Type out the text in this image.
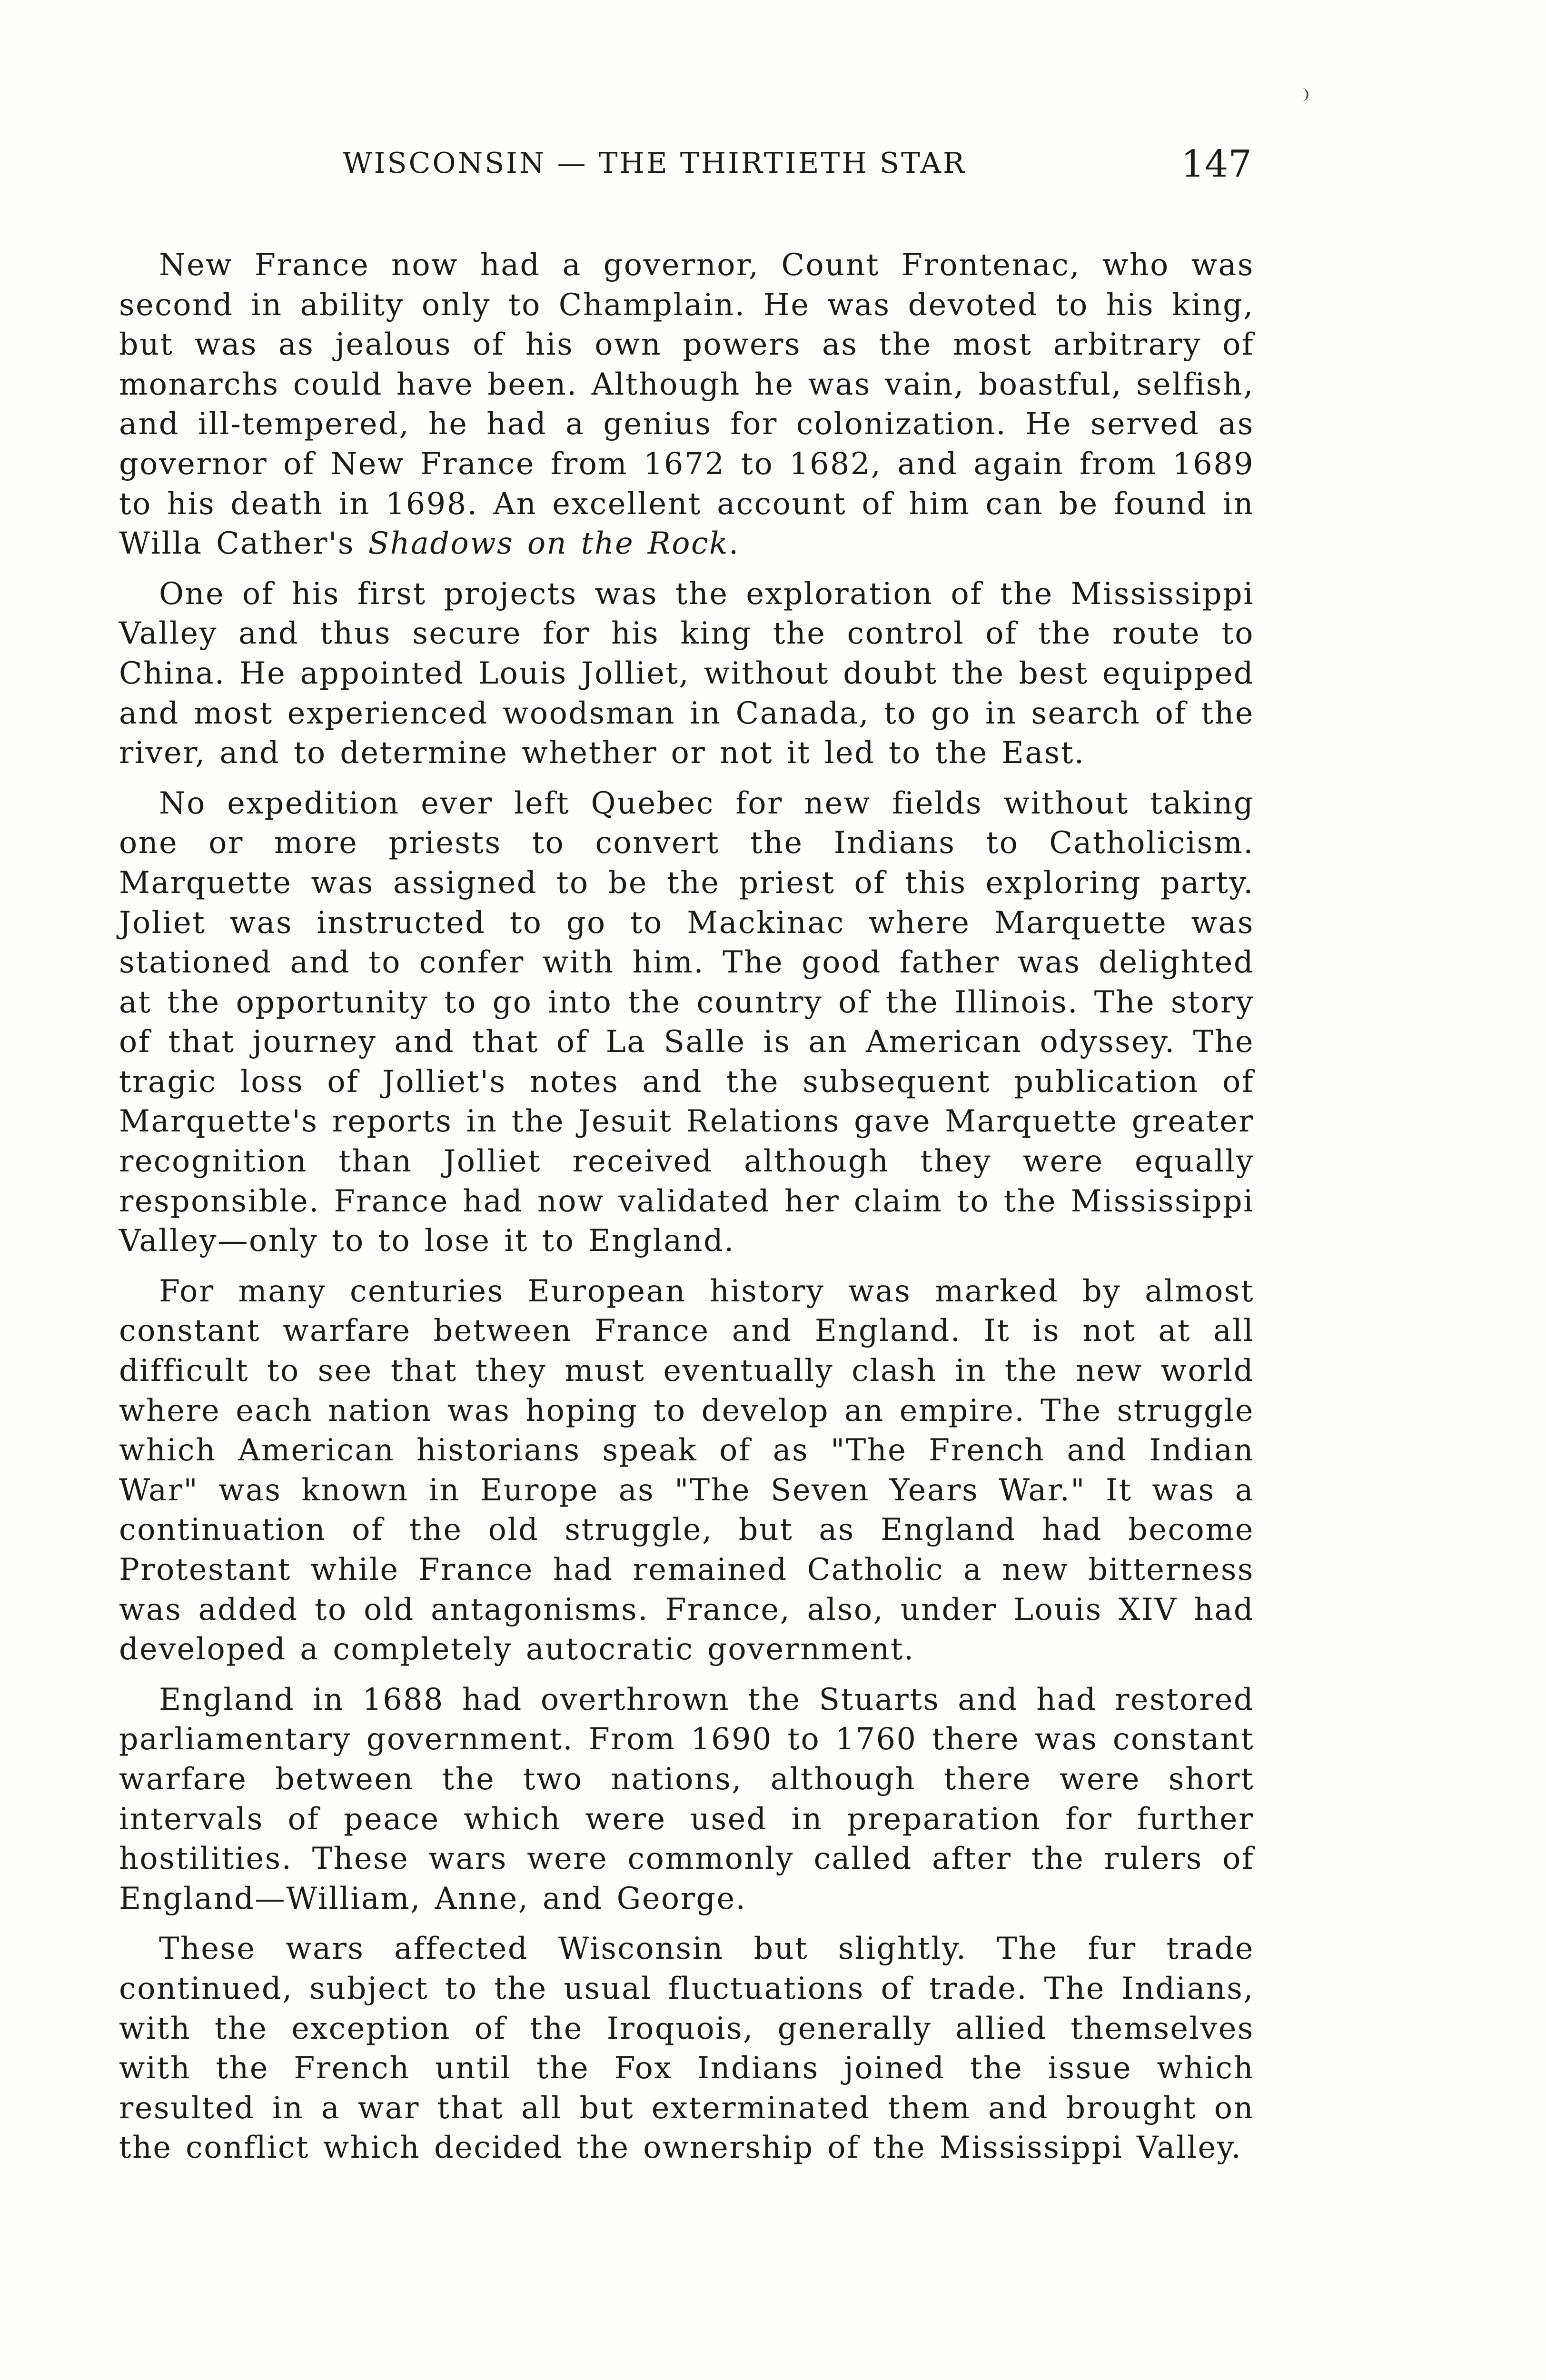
WISCONSIN — THE THIRTIETH STAR	147

New France now had a governor, Count Frontenac, who was second in ability only to Champlain. He was devoted to his king, but was as jealous of his own powers as the most arbitrary of monarchs could have been. Although he was vain, boastful, selfish, and ill-tempered, he had a genius for colonization. He served as governor of New France from 1672 to 1682, and again from 1689 to his death in 1698. An excellent account of him can be found in Willa Cather's Shadows on the Rock.

One of his first projects was the exploration of the Mississippi Valley and thus secure for his king the control of the route to China. He appointed Louis Jolliet, without doubt the best equipped and most experienced woodsman in Canada, to go in search of the river, and to determine whether or not it led to the East.

No expedition ever left Quebec for new fields without taking one or more priests to convert the Indians to Catholicism. Marquette was assigned to be the priest of this exploring party. Joliet was instructed to go to Mackinac where Marquette was stationed and to confer with him. The good father was delighted at the opportunity to go into the country of the Illinois. The story of that journey and that of La Salle is an American odyssey. The tragic loss of Jolliet's notes and the subsequent publication of Marquette's reports in the Jesuit Relations gave Marquette greater recognition than Jolliet received although they were equally responsible. France had now validated her claim to the Mississippi Valley—only to to lose it to England.

For many centuries European history was marked by almost constant warfare between France and England. It is not at all difficult to see that they must eventually clash in the new world where each nation was hoping to develop an empire. The struggle which American historians speak of as "The French and Indian War" was known in Europe as "The Seven Years War." It was a continuation of the old struggle, but as England had become Protestant while France had remained Catholic a new bitterness was added to old antagonisms. France, also, under Louis XIV had developed a completely autocratic government.

England in 1688 had overthrown the Stuarts and had restored parliamentary government. From 1690 to 1760 there was constant warfare between the two nations, although there were short intervals of peace which were used in preparation for further hostilities. These wars were commonly called after the rulers of England—William, Anne, and George.

These wars affected Wisconsin but slightly. The fur trade continued, subject to the usual fluctuations of trade. The Indians, with the exception of the Iroquois, generally allied themselves with the French until the Fox Indians joined the issue which resulted in a war that all but exterminated them and brought on the conflict which decided the ownership of the Mississippi Valley.
